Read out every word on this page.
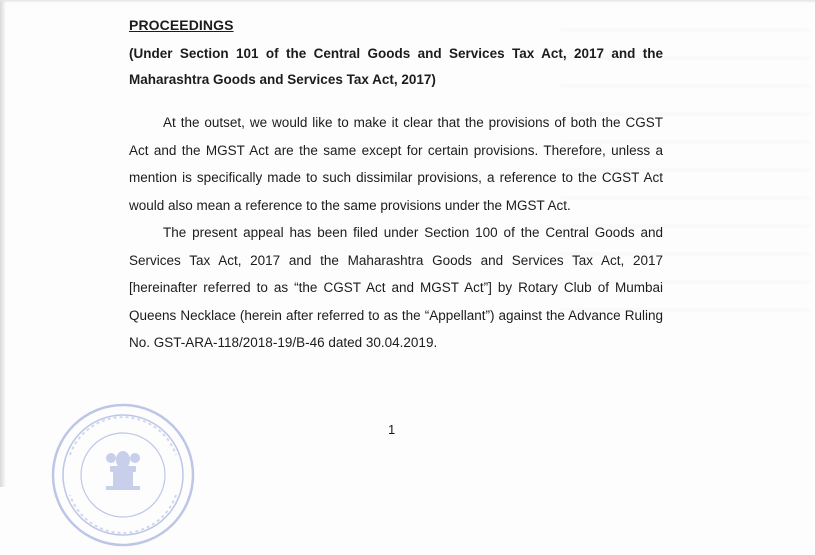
PROCEEDINGS

(Under Section 101 of the Central Goods and Services Tax Act, 2017 and the Maharashtra Goods and Services Tax Act, 2017)

At the outset, we would like to make it clear that the provisions of both the CGST Act and the MGST Act are the same except for certain provisions. Therefore, unless a mention is specifically made to such dissimilar provisions, a reference to the CGST Act would also mean a reference to the same provisions under the MGST Act.

The present appeal has been filed under Section 100 of the Central Goods and Services Tax Act, 2017 and the Maharashtra Goods and Services Tax Act, 2017 [hereinafter referred to as “the CGST Act and MGST Act”] by Rotary Club of Mumbai Queens Necklace (herein after referred to as the “Appellant”) against the Advance Ruling No. GST-ARA-118/2018-19/B-46 dated 30.04.2019.

1
